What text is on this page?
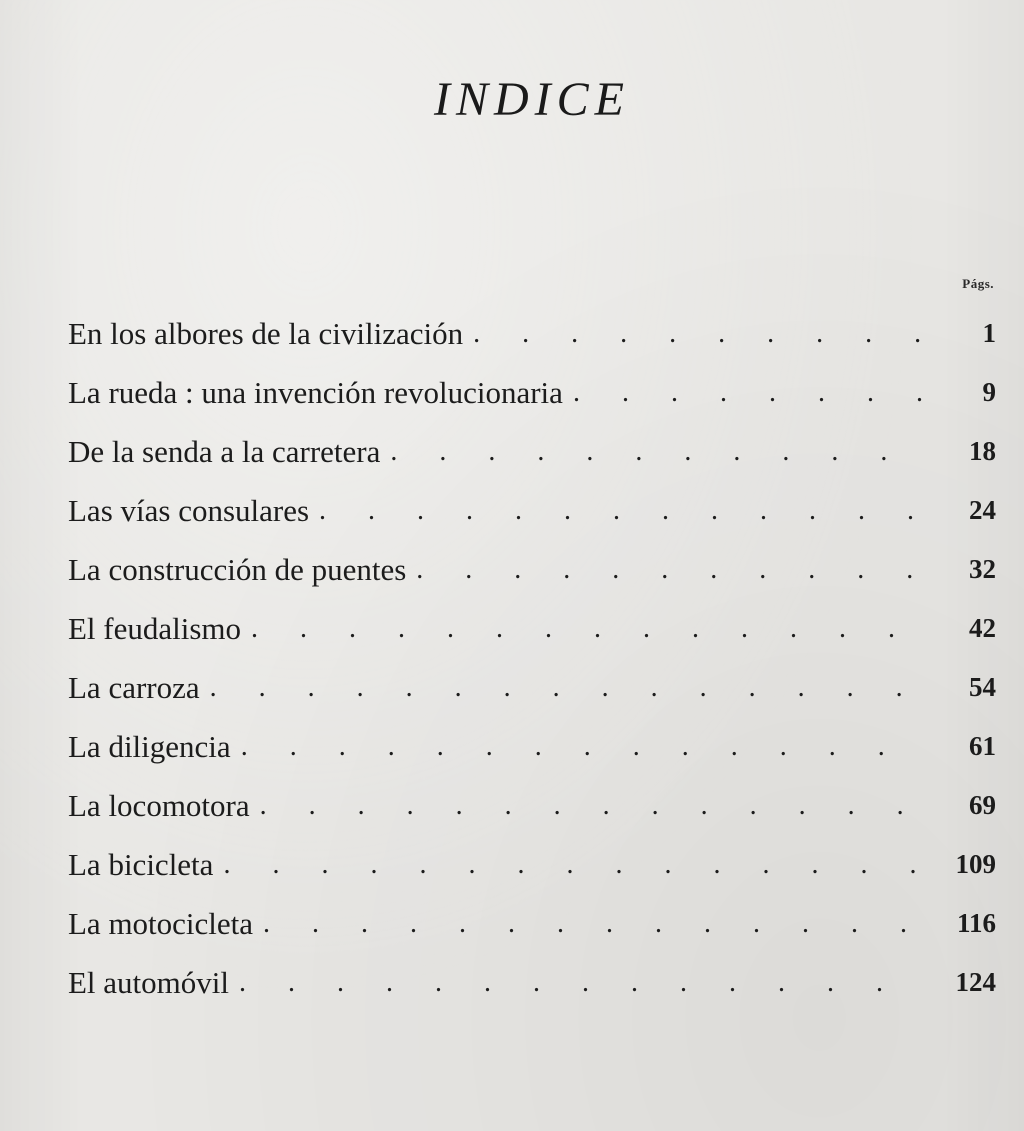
INDICE
Págs.
En los albores de la civilización .	1
La rueda : una invención revolucionaria .	9
De la senda a la carretera .	18
Las vías consulares .	24
La construcción de puentes .	32
El feudalismo .	42
La carroza .	54
La diligencia .	61
La locomotora .	69
La bicicleta .	109
La motocicleta .	116
El automóvil .	124
